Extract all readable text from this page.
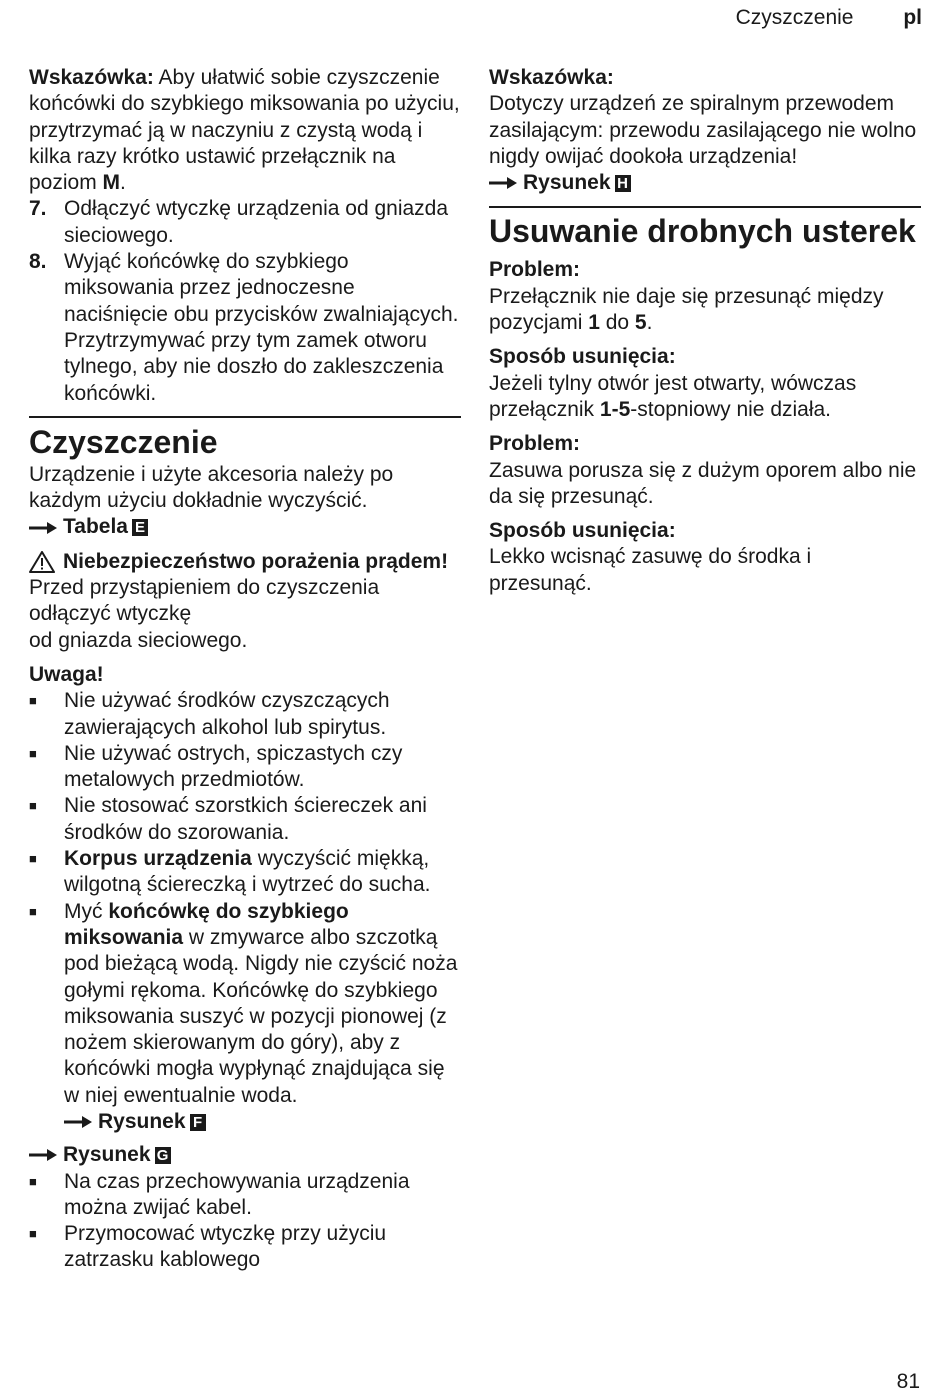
Czyszczenie pl

Wskazówka: Aby ułatwić sobie czyszczenie końcówki do szybkiego miksowania po użyciu, przytrzymać ją w naczyniu z czystą wodą i kilka razy krótko ustawić przełącznik na poziom M.

7. Odłączyć wtyczkę urządzenia od gniazda sieciowego.
8. Wyjąć końcówkę do szybkiego miksowania przez jednoczesne naciśnięcie obu przycisków zwalniających. Przytrzymywać przy tym zamek otworu tylnego, aby nie doszło do zakleszczenia końcówki.
Czyszczenie

Urządzenie i użyte akcesoria należy po każdym użyciu dokładnie wyczyścić.

Tabela E
Niebezpieczeństwo porażenia prądem!

Przed przystąpieniem do czyszczenia odłączyć wtyczkę

od gniazda sieciowego.

Uwaga!

■	Nie używać środków czyszczących zawierających alkohol lub spirytus.
■	Nie używać ostrych, spiczastych czy metalowych przedmiotów.
■	Nie stosować szorstkich ściereczek ani środków do szorowania.
■	Korpus urządzenia wyczyścić miękką, wilgotną ściereczką i wytrzeć do sucha.
■	Myć końcówkę do szybkiego miksowania w zmywarce albo szczotką pod bieżącą wodą. Nigdy nie czyścić noża gołymi rękoma. Końcówkę do szybkiego miksowania suszyć w pozycji pionowej (z nożem skierowanym do góry), aby z końcówki mogła wypłynąć znajdująca się w niej ewentualnie woda.
Rysunek F
Rysunek G
■	Na czas przechowywania urządzenia można zwijać kabel.
■	Przymocować wtyczkę przy użyciu zatrzasku kablowego

Wskazówka:

Dotyczy urządzeń ze spiralnym przewodem zasilającym: przewodu zasilającego nie wolno nigdy owijać dookoła urządzenia!

Rysunek H
Usuwanie drobnych usterek

Problem:

Przełącznik nie daje się przesunąć między pozycjami 1 do 5.

Sposób usunięcia:

Jeżeli tylny otwór jest otwarty, wówczas przełącznik 1-5-stopniowy nie działa.

Problem:

Zasuwa porusza się z dużym oporem albo nie da się przesunąć.

Sposób usunięcia:

Lekko wcisnąć zasuwę do środka i przesunąć.

81
